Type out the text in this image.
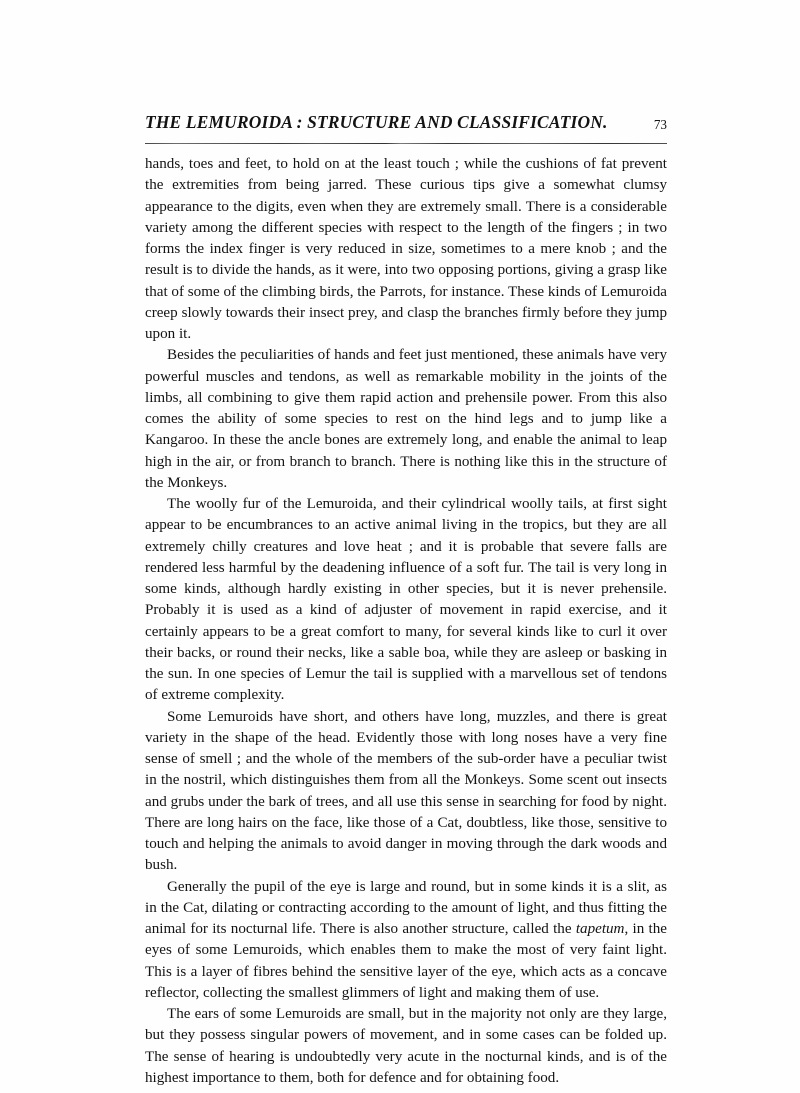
THE LEMUROIDA : STRUCTURE AND CLASSIFICATION.	73

hands, toes and feet, to hold on at the least touch ; while the cushions of fat prevent the extremities from being jarred. These curious tips give a somewhat clumsy appearance to the digits, even when they are extremely small. There is a considerable variety among the different species with respect to the length of the fingers ; in two forms the index finger is very reduced in size, sometimes to a mere knob ; and the result is to divide the hands, as it were, into two opposing portions, giving a grasp like that of some of the climbing birds, the Parrots, for instance. These kinds of Lemuroida creep slowly towards their insect prey, and clasp the branches firmly before they jump upon it.

Besides the peculiarities of hands and feet just mentioned, these animals have very powerful muscles and tendons, as well as remarkable mobility in the joints of the limbs, all combining to give them rapid action and prehensile power. From this also comes the ability of some species to rest on the hind legs and to jump like a Kangaroo. In these the ancle bones are extremely long, and enable the animal to leap high in the air, or from branch to branch. There is nothing like this in the structure of the Monkeys.

The woolly fur of the Lemuroida, and their cylindrical woolly tails, at first sight appear to be encumbrances to an active animal living in the tropics, but they are all extremely chilly creatures and love heat ; and it is probable that severe falls are rendered less harmful by the deadening influence of a soft fur. The tail is very long in some kinds, although hardly existing in other species, but it is never prehensile. Probably it is used as a kind of adjuster of movement in rapid exercise, and it certainly appears to be a great comfort to many, for several kinds like to curl it over their backs, or round their necks, like a sable boa, while they are asleep or basking in the sun. In one species of Lemur the tail is supplied with a marvellous set of tendons of extreme complexity.

Some Lemuroids have short, and others have long, muzzles, and there is great variety in the shape of the head. Evidently those with long noses have a very fine sense of smell ; and the whole of the members of the sub-order have a peculiar twist in the nostril, which distinguishes them from all the Monkeys. Some scent out insects and grubs under the bark of trees, and all use this sense in searching for food by night. There are long hairs on the face, like those of a Cat, doubtless, like those, sensitive to touch and helping the animals to avoid danger in moving through the dark woods and bush.

Generally the pupil of the eye is large and round, but in some kinds it is a slit, as in the Cat, dilating or contracting according to the amount of light, and thus fitting the animal for its nocturnal life. There is also another structure, called the tapetum, in the eyes of some Lemuroids, which enables them to make the most of very faint light. This is a layer of fibres behind the sensitive layer of the eye, which acts as a concave reflector, collecting the smallest glimmers of light and making them of use.

The ears of some Lemuroids are small, but in the majority not only are they large, but they possess singular powers of movement, and in some cases can be folded up. The sense of hearing is undoubtedly very acute in the nocturnal kinds, and is of the highest importance to them, both for defence and for obtaining food.
